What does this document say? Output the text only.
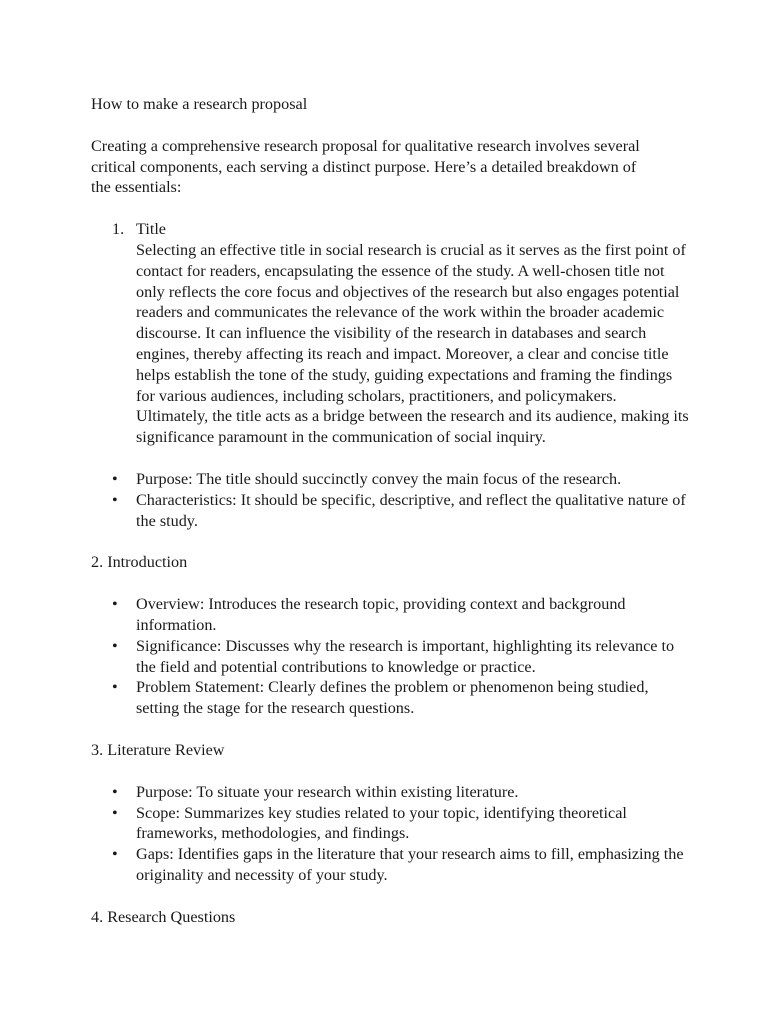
How to make a research proposal

Creating a comprehensive research proposal for qualitative research involves several critical components, each serving a distinct purpose. Here’s a detailed breakdown of the essentials:

1. Title
Selecting an effective title in social research is crucial as it serves as the first point of contact for readers, encapsulating the essence of the study. A well-chosen title not only reflects the core focus and objectives of the research but also engages potential readers and communicates the relevance of the work within the broader academic discourse. It can influence the visibility of the research in databases and search engines, thereby affecting its reach and impact. Moreover, a clear and concise title helps establish the tone of the study, guiding expectations and framing the findings for various audiences, including scholars, practitioners, and policymakers. Ultimately, the title acts as a bridge between the research and its audience, making its significance paramount in the communication of social inquiry.
• Purpose: The title should succinctly convey the main focus of the research.
• Characteristics: It should be specific, descriptive, and reflect the qualitative nature of the study.

2. Introduction

• Overview: Introduces the research topic, providing context and background information.
• Significance: Discusses why the research is important, highlighting its relevance to the field and potential contributions to knowledge or practice.
• Problem Statement: Clearly defines the problem or phenomenon being studied, setting the stage for the research questions.

3. Literature Review

• Purpose: To situate your research within existing literature.
• Scope: Summarizes key studies related to your topic, identifying theoretical frameworks, methodologies, and findings.
• Gaps: Identifies gaps in the literature that your research aims to fill, emphasizing the originality and necessity of your study.

4. Research Questions
